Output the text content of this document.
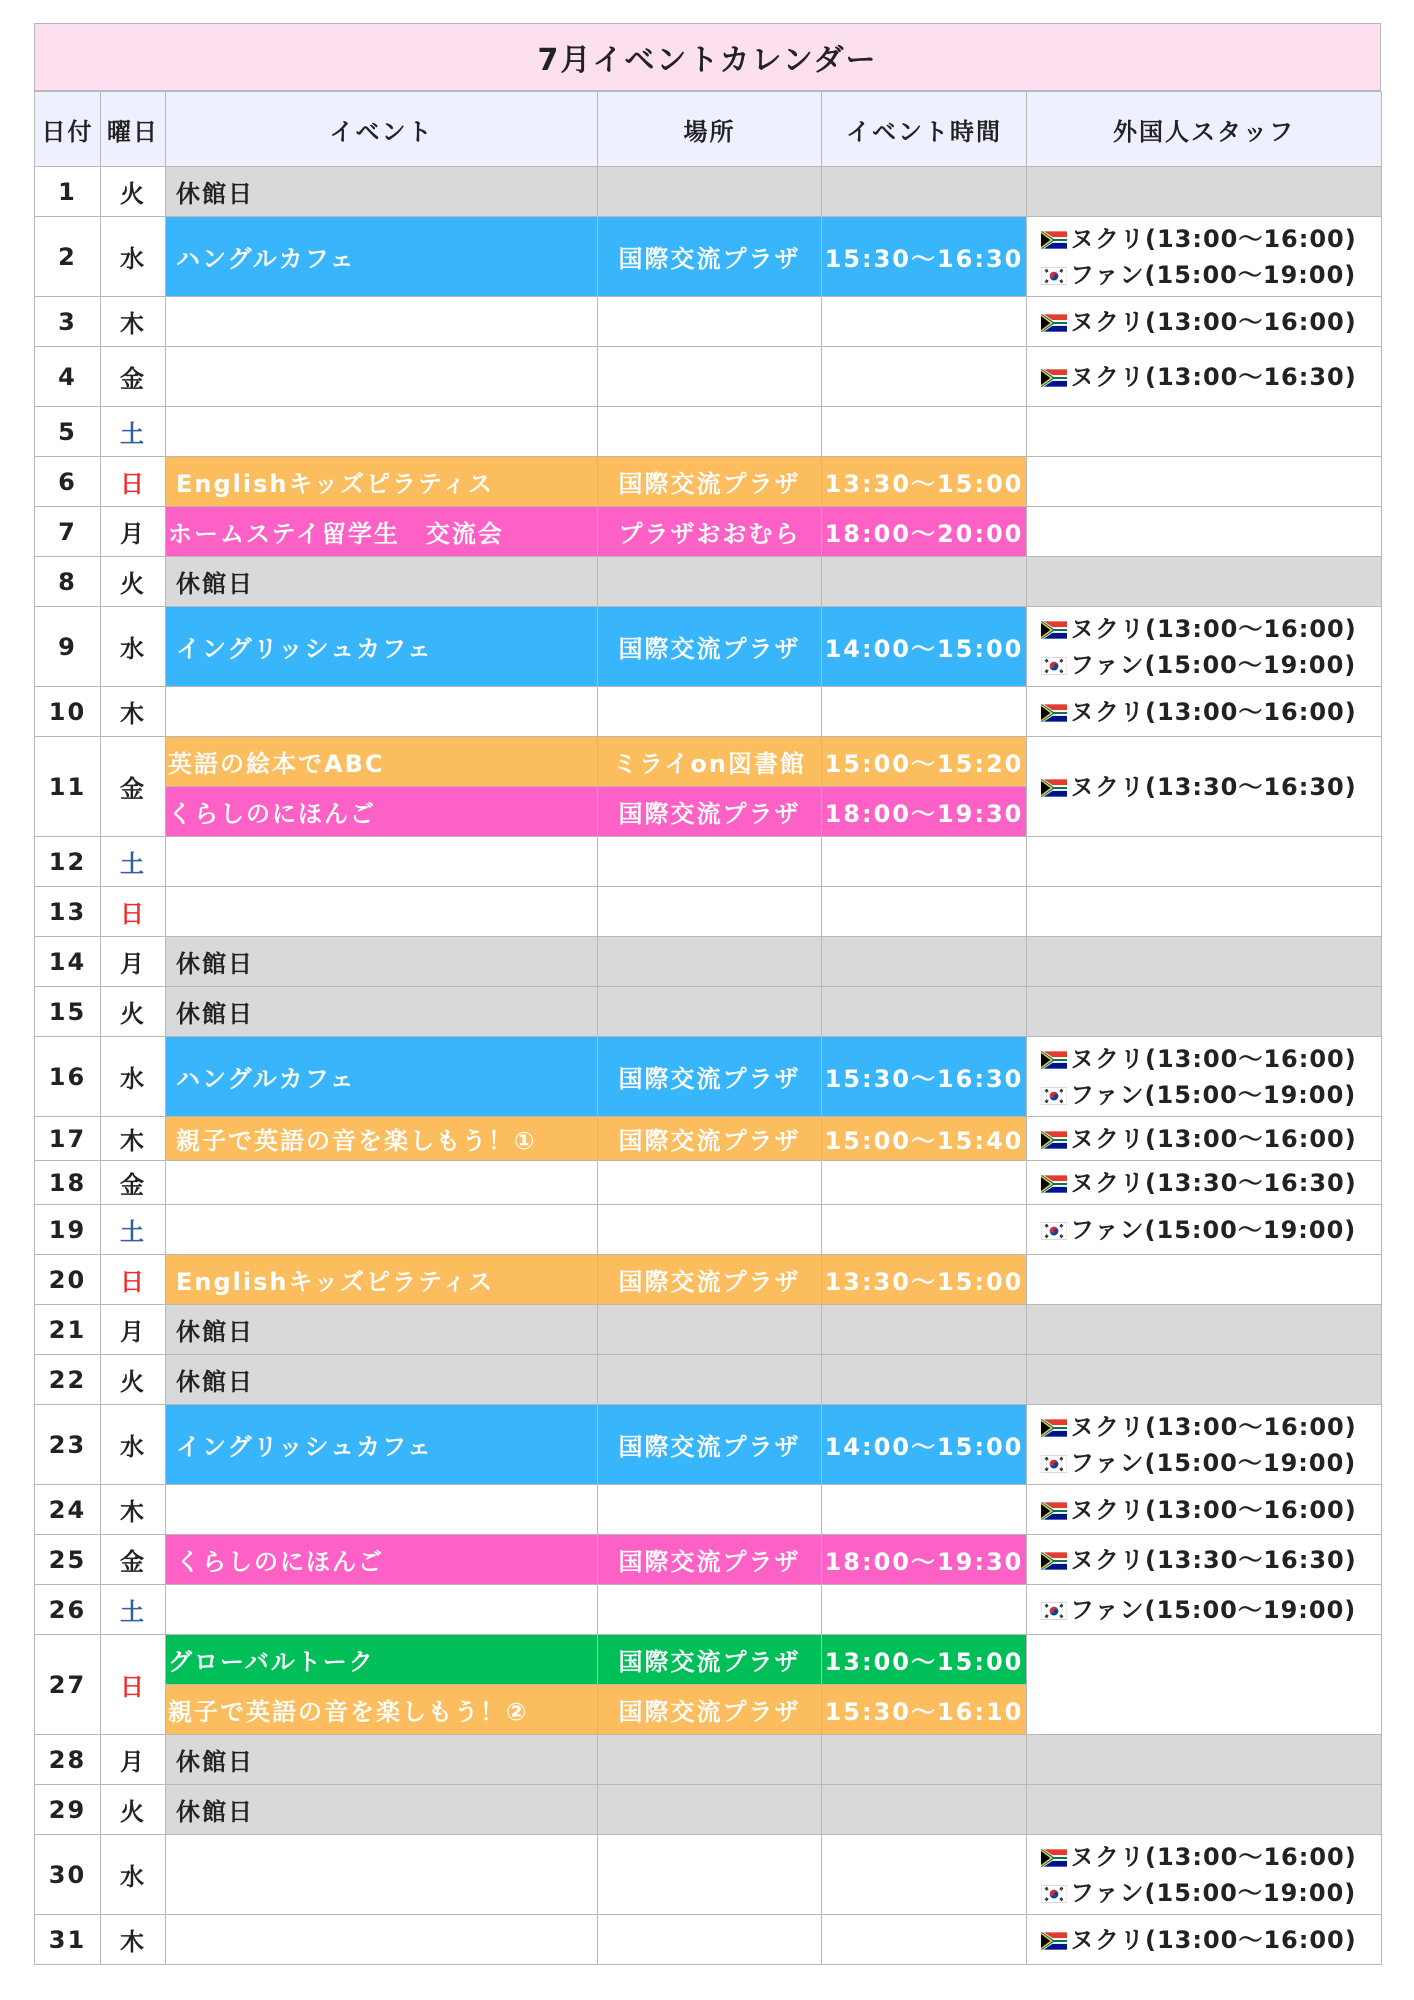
7月イベントカレンダー
日付	曜日	イベント	場所	イベント時間	外国人スタッフ
1	火	休館日			
2	水	ハングルカフェ	国際交流プラザ	15:30〜16:30	ヌクリ(13:00〜16:00)
ファン(15:00〜19:00)

3	木				ヌクリ(13:00〜16:00)

4	金				ヌクリ(13:00〜16:30)

5	土				
6	日	Englishキッズピラティス	国際交流プラザ	13:30〜15:00	
7	月	ホームステイ留学生　交流会	プラザおおむら	18:00〜20:00	
8	火	休館日			
9	水	イングリッシュカフェ	国際交流プラザ	14:00〜15:00	ヌクリ(13:00〜16:00)
ファン(15:00〜19:00)

10	木				ヌクリ(13:00〜16:00)

11	金	英語の絵本でABC	ミライon図書館	15:00〜15:20	ヌクリ(13:30〜16:30)

		くらしのにほんご	国際交流プラザ	18:00〜19:30	
12	土				
13	日				
14	月	休館日			
15	火	休館日			
16	水	ハングルカフェ	国際交流プラザ	15:30〜16:30	ヌクリ(13:00〜16:00)
ファン(15:00〜19:00)

17	木	親子で英語の音を楽しもう！①	国際交流プラザ	15:00〜15:40	ヌクリ(13:00〜16:00)

18	金				ヌクリ(13:30〜16:30)

19	土				ファン(15:00〜19:00)

20	日	Englishキッズピラティス	国際交流プラザ	13:30〜15:00	
21	月	休館日			
22	火	休館日			
23	水	イングリッシュカフェ	国際交流プラザ	14:00〜15:00	ヌクリ(13:00〜16:00)
ファン(15:00〜19:00)

24	木				ヌクリ(13:00〜16:00)

25	金	くらしのにほんご	国際交流プラザ	18:00〜19:30	ヌクリ(13:30〜16:30)

26	土				ファン(15:00〜19:00)

27	日	グローバルトーク	国際交流プラザ	13:00〜15:00	
		親子で英語の音を楽しもう！②	国際交流プラザ	15:30〜16:10	
28	月	休館日			
29	火	休館日			
30	水				ヌクリ(13:00〜16:00)
ファン(15:00〜19:00)

31	木				ヌクリ(13:00〜16:00)
